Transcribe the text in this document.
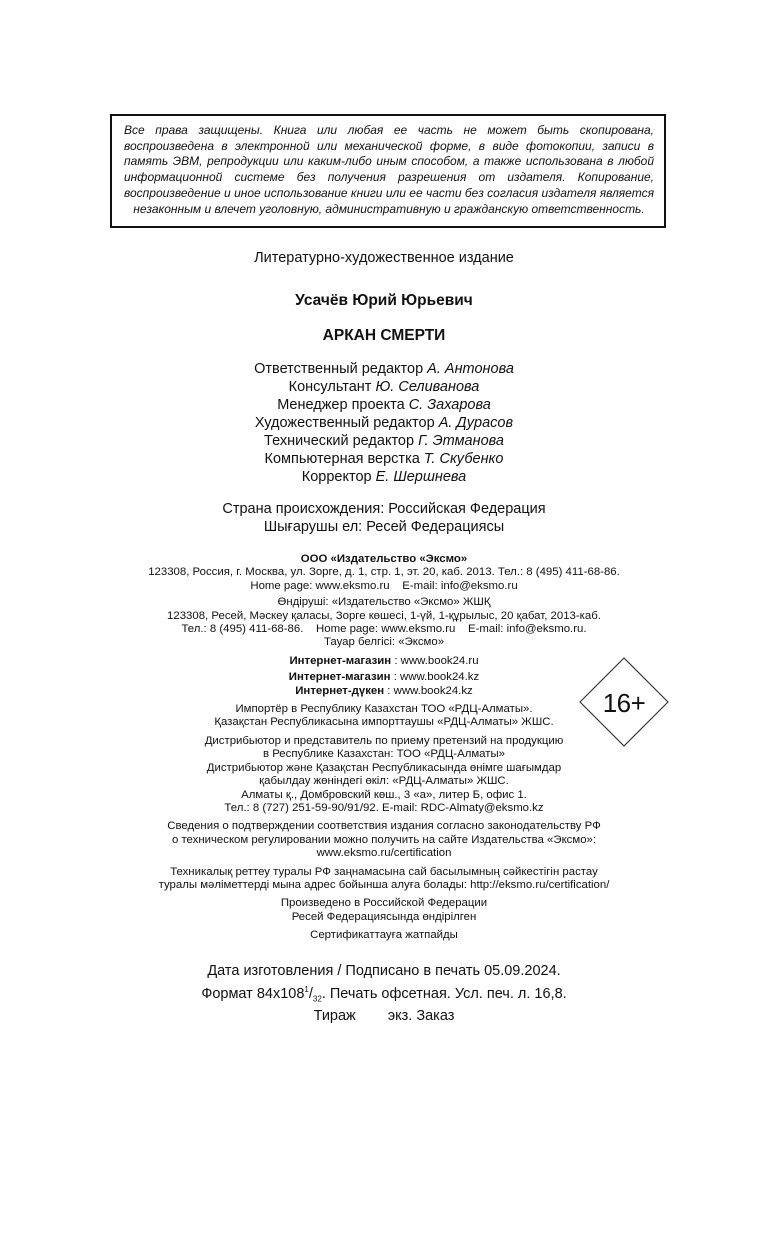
Все права защищены. Книга или любая ее часть не может быть скопирована, воспроизведена в электронной или механической форме, в виде фотокопии, записи в память ЭВМ, репродукции или каким-либо иным способом, а также использована в любой информационной системе без получения разрешения от издателя. Копирование, воспроизведение и иное использование книги или ее части без согласия издателя является незаконным и влечет уголовную, административную и гражданскую ответственность.
Литературно-художественное издание
Усачёв Юрий Юрьевич
АРКАН СМЕРТИ
Ответственный редактор А. Антонова
Консультант Ю. Селиванова
Менеджер проекта С. Захарова
Художественный редактор А. Дурасов
Технический редактор Г. Этманова
Компьютерная верстка Т. Скубенко
Корректор Е. Шершнева
Страна происхождения: Российская Федерация
Шығарушы ел: Ресей Федерациясы
ООО «Издательство «Эксмо»
123308, Россия, г. Москва, ул. Зорге, д. 1, стр. 1, эт. 20, каб. 2013. Тел.: 8 (495) 411-68-86.
Home page: www.eksmo.ru    E-mail: info@eksmo.ru
Өндіруші: «Издательство «Эксмо» ЖШҚ
123308, Ресей, Мәскеу қаласы, Зорге көшесі, 1-үй, 1-құрылыс, 20 қабат, 2013-каб.
Тел.: 8 (495) 411-68-86.    Home page: www.eksmo.ru    E-mail: info@eksmo.ru.
Тауар белгісі: «Эксмо»
Интернет-магазин : www.book24.ru
Интернет-магазин : www.book24.kz
Интернет-дүкен : www.book24.kz
Импортёр в Республику Казахстан ТОО «РДЦ-Алматы».
Қазақстан Республикасына импорттаушы «РДЦ-Алматы» ЖШС.
Дистрибьютор и представитель по приему претензий на продукцию
в Республике Казахстан: ТОО «РДЦ-Алматы»
Дистрибьютор және Қазақстан Республикасында өнімге шағымдар
қабылдау жөніндегі өкіл: «РДЦ-Алматы» ЖШС.
Алматы қ., Домбровский көш., 3 «а», литер Б, офис 1.
Тел.: 8 (727) 251-59-90/91/92. E-mail: RDC-Almaty@eksmo.kz
Сведения о подтверждении соответствия издания согласно законодательству РФ
о техническом регулировании можно получить на сайте Издательства «Эксмо»:
www.eksmo.ru/certification
Техникалық реттеу туралы РФ заңнамасына сай басылымның сәйкестігін растау
туралы мәліметтерді мына адрес бойынша алуға болады: http://eksmo.ru/certification/
Произведено в Российской Федерации
Ресей Федерациясында өндірілген
Сертификаттауға жатпайды
Дата изготовления / Подписано в печать 05.09.2024.
Формат $84x108^1/_{32}$. Печать офсетная. Усл. печ. л. 16,8.
Тираж экз. Заказ
16+
